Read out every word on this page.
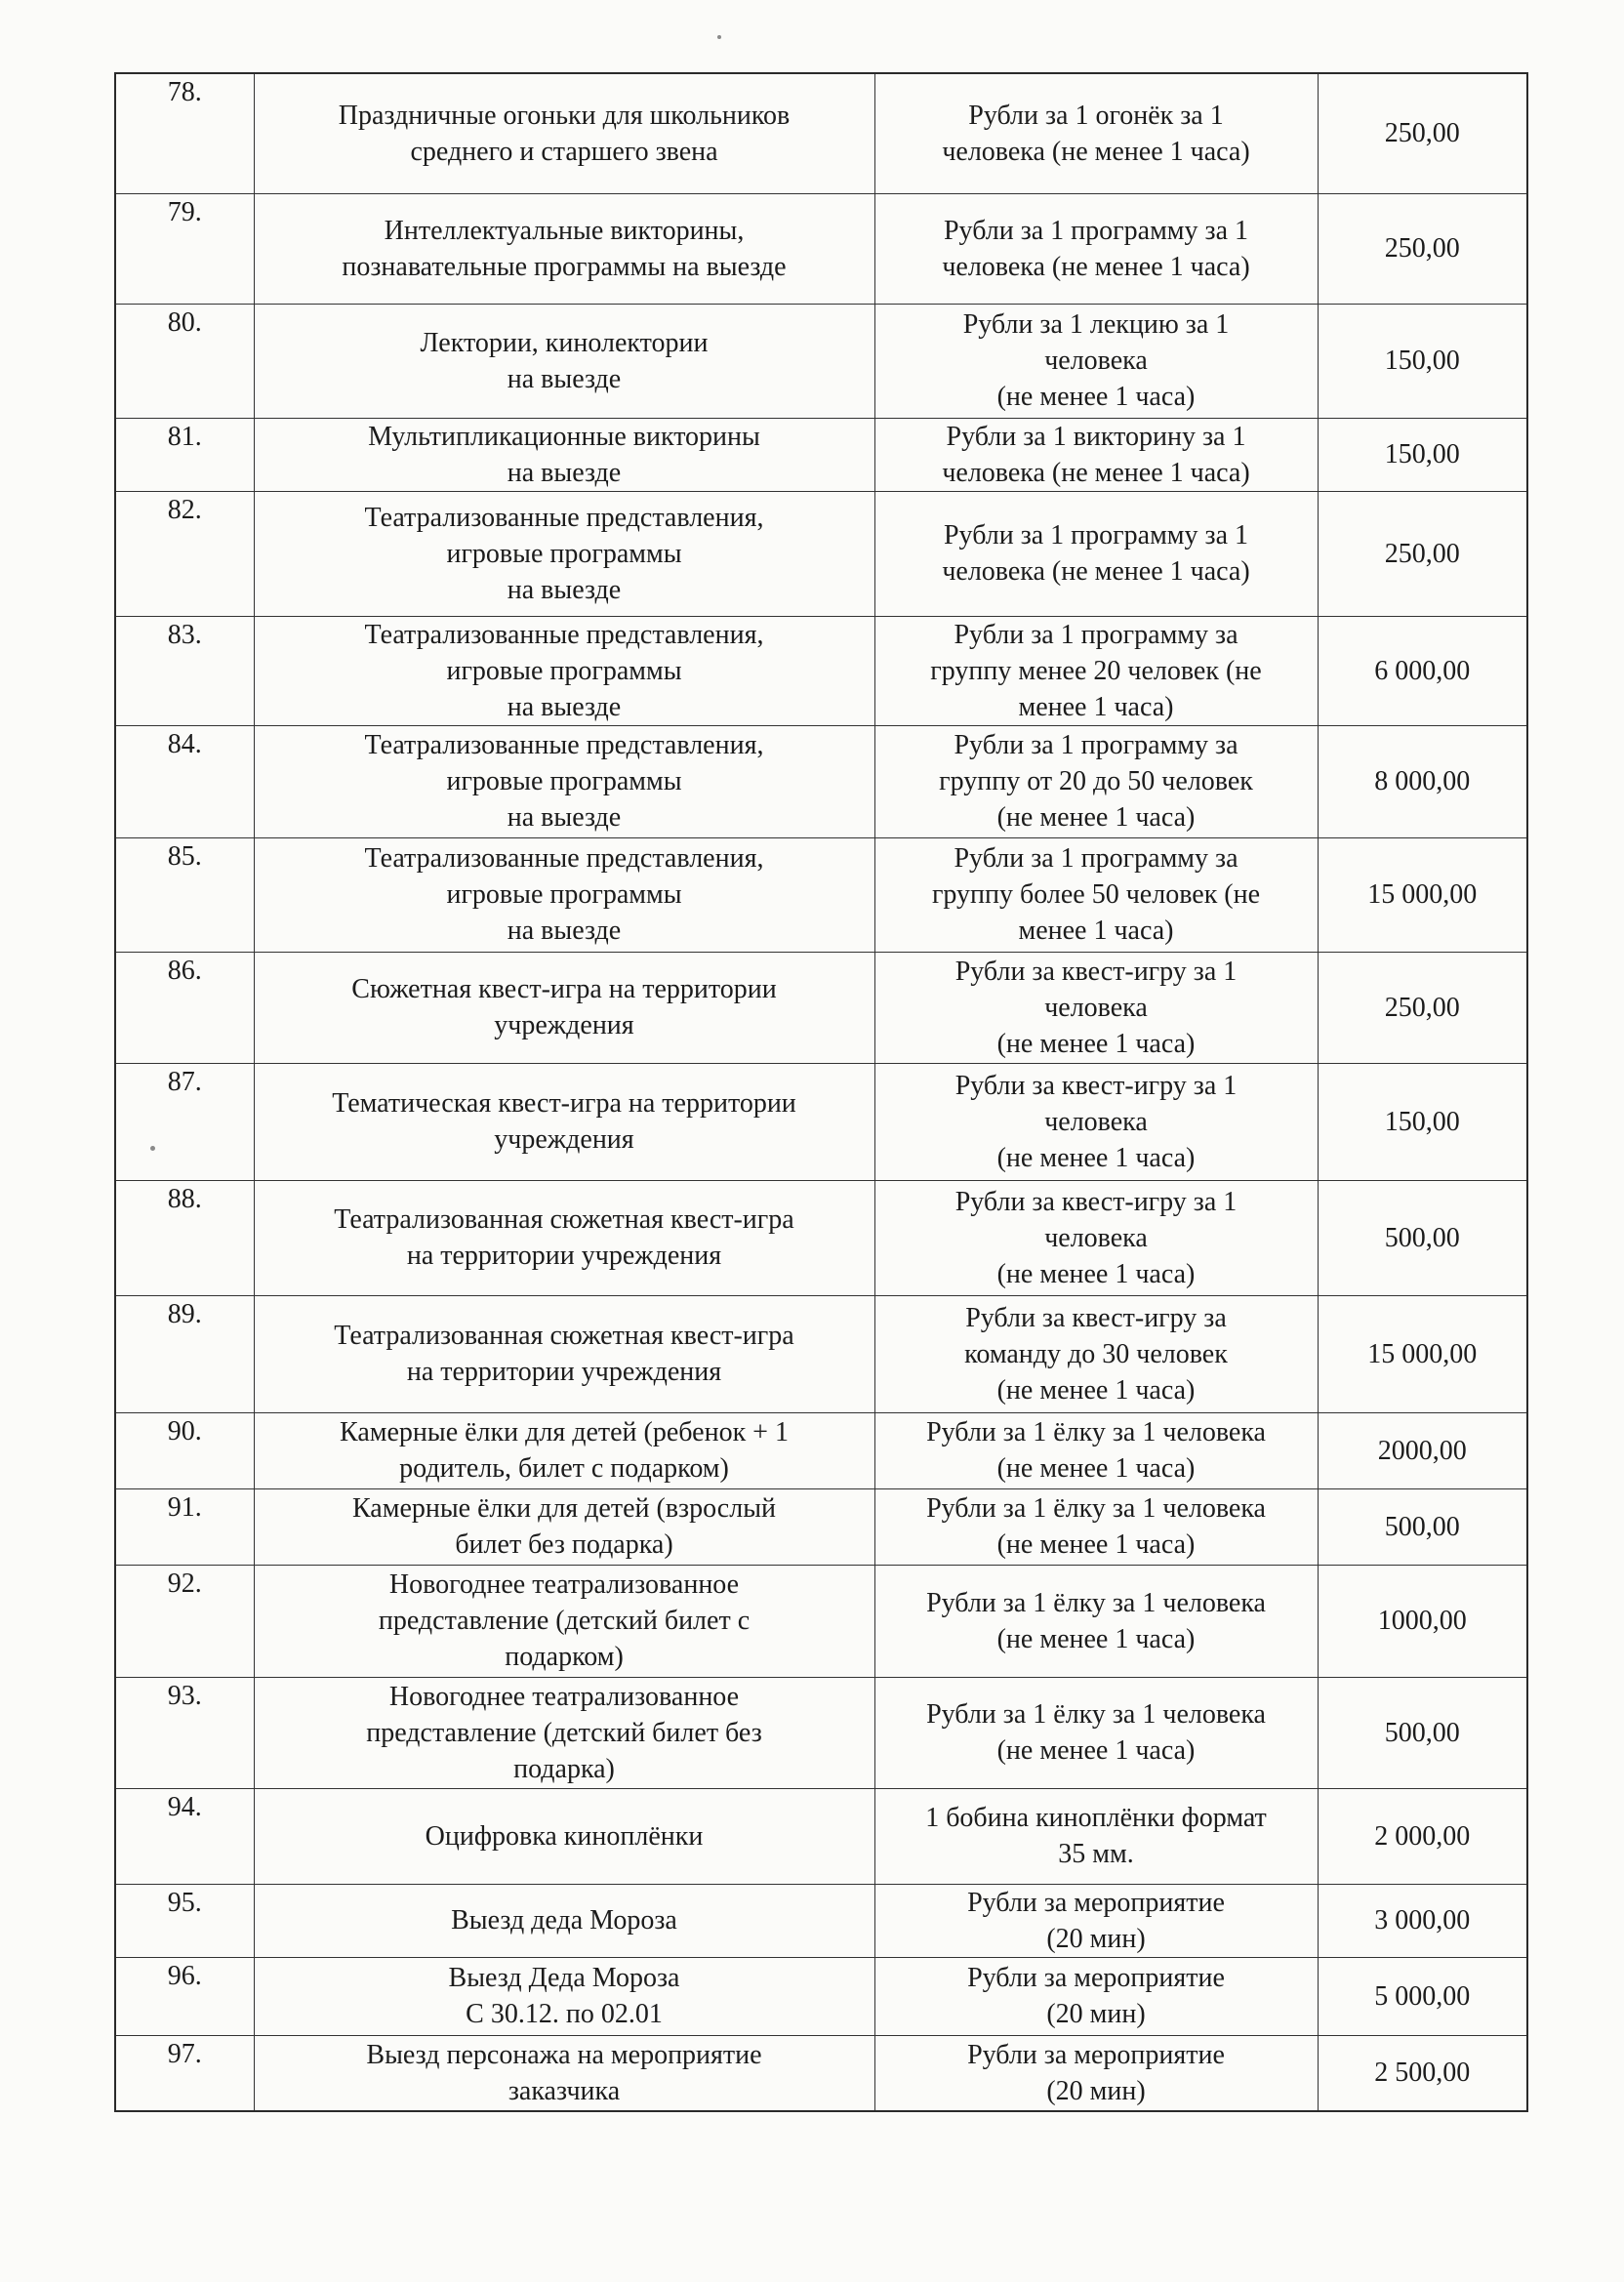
78.	Праздничные огоньки для школьников
среднего и старшего звена	Рубли за 1 огонёк за 1
человека (не менее 1 часа)	250,00
79.	Интеллектуальные викторины,
познавательные программы на выезде	Рубли за 1 программу за 1
человека (не менее 1 часа)	250,00
80.	Лектории, кинолектории
на выезде	Рубли за 1 лекцию за 1
человека
(не менее 1 часа)	150,00
81.	Мультипликационные викторины
на выезде	Рубли за 1 викторину за 1
человека (не менее 1 часа)	150,00
82.	Театрализованные представления,
игровые программы
на выезде	Рубли за 1 программу за 1
человека (не менее 1 часа)	250,00
83.	Театрализованные представления,
игровые программы
на выезде	Рубли за 1 программу за
группу менее 20 человек (не
менее 1 часа)	6 000,00
84.	Театрализованные представления,
игровые программы
на выезде	Рубли за 1 программу за
группу от 20 до 50 человек
(не менее 1 часа)	8 000,00
85.	Театрализованные представления,
игровые программы
на выезде	Рубли за 1 программу за
группу более 50 человек (не
менее 1 часа)	15 000,00
86.	Сюжетная квест-игра на территории
учреждения	Рубли за квест-игру за 1
человека
(не менее 1 часа)	250,00
87.	Тематическая квест-игра на территории
учреждения	Рубли за квест-игру за 1
человека
(не менее 1 часа)	150,00
88.	Театрализованная сюжетная квест-игра
на территории учреждения	Рубли за квест-игру за 1
человека
(не менее 1 часа)	500,00
89.	Театрализованная сюжетная квест-игра
на территории учреждения	Рубли за квест-игру за
команду до 30 человек
(не менее 1 часа)	15 000,00
90.	Камерные ёлки для детей (ребенок + 1
родитель, билет с подарком)	Рубли за 1 ёлку за 1 человека
(не менее 1 часа)	2000,00
91.	Камерные ёлки для детей (взрослый
билет без подарка)	Рубли за 1 ёлку за 1 человека
(не менее 1 часа)	500,00
92.	Новогоднее театрализованное
представление (детский билет с
подарком)	Рубли за 1 ёлку за 1 человека
(не менее 1 часа)	1000,00
93.	Новогоднее театрализованное
представление (детский билет без
подарка)	Рубли за 1 ёлку за 1 человека
(не менее 1 часа)	500,00
94.	Оцифровка киноплёнки	1 бобина киноплёнки формат
35 мм.	2 000,00
95.	Выезд деда Мороза	Рубли за мероприятие
(20 мин)	3 000,00
96.	Выезд Деда Мороза
С 30.12. по 02.01	Рубли за мероприятие
(20 мин)	5 000,00
97.	Выезд персонажа на мероприятие
заказчика	Рубли за мероприятие
(20 мин)	2 500,00
